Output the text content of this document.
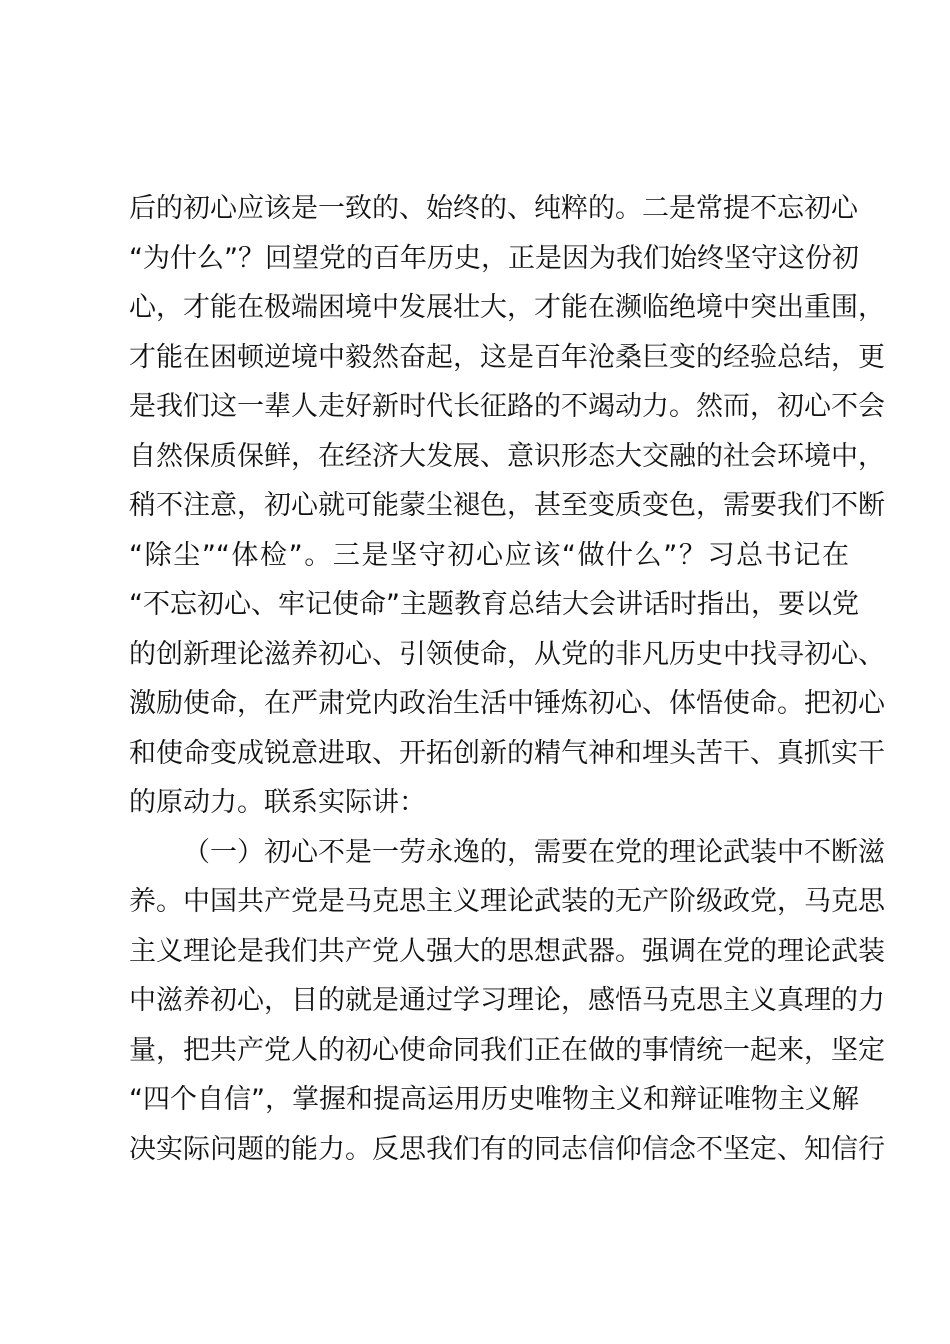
后的初心应该是一致的、始终的、纯粹的。二是常提不忘初心
“为什么”？回望党的百年历史，正是因为我们始终坚守这份初
心，才能在极端困境中发展壮大，才能在濒临绝境中突出重围，
才能在困顿逆境中毅然奋起，这是百年沧桑巨变的经验总结，更
是我们这一辈人走好新时代长征路的不竭动力。然而，初心不会
自然保质保鲜，在经济大发展、意识形态大交融的社会环境中，
稍不注意，初心就可能蒙尘褪色，甚至变质变色，需要我们不断
“除尘”“体检”。三是坚守初心应该“做什么”？习总书记在
“不忘初心、牢记使命”主题教育总结大会讲话时指出，要以党
的创新理论滋养初心、引领使命，从党的非凡历史中找寻初心、
激励使命，在严肃党内政治生活中锤炼初心、体悟使命。把初心
和使命变成锐意进取、开拓创新的精气神和埋头苦干、真抓实干
的原动力。联系实际讲：
（一）初心不是一劳永逸的，需要在党的理论武装中不断滋
养。中国共产党是马克思主义理论武装的无产阶级政党，马克思
主义理论是我们共产党人强大的思想武器。强调在党的理论武装
中滋养初心，目的就是通过学习理论，感悟马克思主义真理的力
量，把共产党人的初心使命同我们正在做的事情统一起来，坚定
“四个自信”，掌握和提高运用历史唯物主义和辩证唯物主义解
决实际问题的能力。反思我们有的同志信仰信念不坚定、知信行
